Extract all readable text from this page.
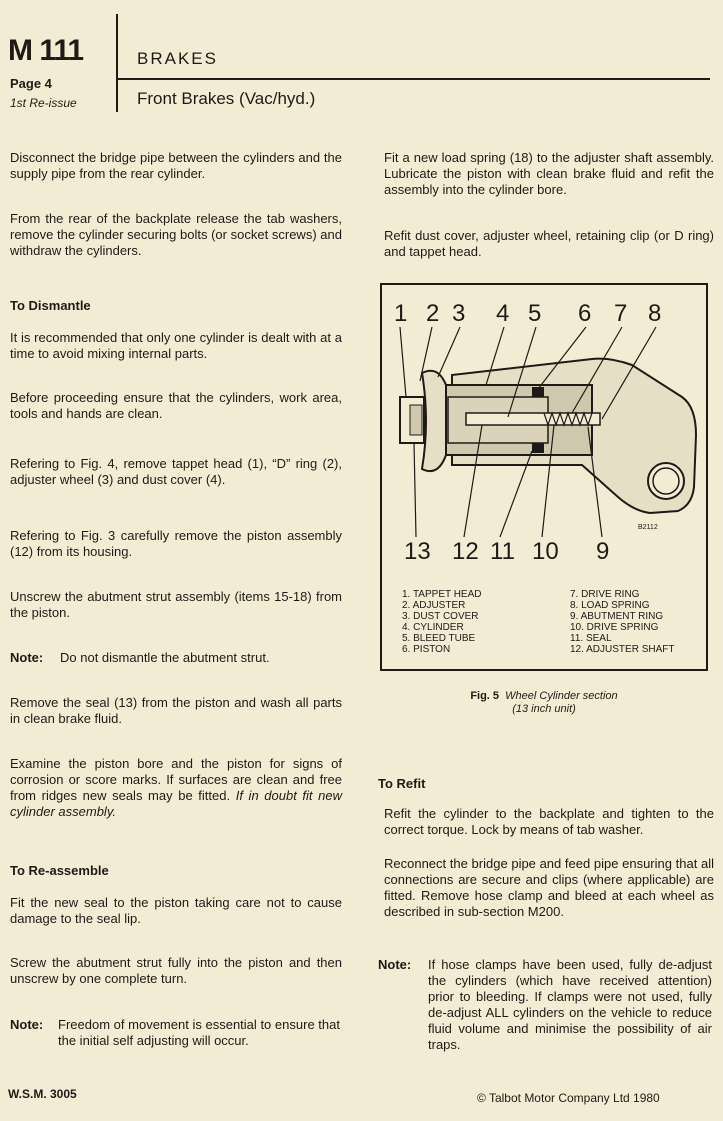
M 111
Page 4
1st Re-issue
BRAKES
Front Brakes (Vac/hyd.)
Disconnect the bridge pipe between the cylinders and the supply pipe from the rear cylinder.
From the rear of the backplate release the tab washers, remove the cylinder securing bolts (or socket screws) and withdraw the cylinders.
To Dismantle
It is recommended that only one cylinder is dealt with at a time to avoid mixing internal parts.
Before proceeding ensure that the cylinders, work area, tools and hands are clean.
Refering to Fig. 4, remove tappet head (1), “D” ring (2), adjuster wheel (3) and dust cover (4).
Refering to Fig. 3 carefully remove the piston assembly (12) from its housing.
Unscrew the abutment strut assembly (items 15-18) from the piston.
Note: Do not dismantle the abutment strut.
Remove the seal (13) from the piston and wash all parts in clean brake fluid.
Examine the piston bore and the piston for signs of corrosion or score marks. If surfaces are clean and free from ridges new seals may be fitted. If in doubt fit new cylinder assembly.
To Re-assemble
Fit the new seal to the piston taking care not to cause damage to the seal lip.
Screw the abutment strut fully into the piston and then unscrew by one complete turn.
Note: Freedom of movement is essential to ensure that the initial self adjusting will occur.
Fit a new load spring (18) to the adjuster shaft assembly. Lubricate the piston with clean brake fluid and refit the assembly into the cylinder bore.
Refit dust cover, adjuster wheel, retaining clip (or D ring) and tappet head.
1 2 3 4 5 6 7 8
13 12 11 10 9
B2112
1. TAPPET HEAD
2. ADJUSTER
3. DUST COVER
4. CYLINDER
5. BLEED TUBE
6. PISTON
7. DRIVE RING
8. LOAD SPRING
9. ABUTMENT RING
10. DRIVE SPRING
11. SEAL
12. ADJUSTER SHAFT
Fig. 5 Wheel Cylinder section
(13 inch unit)
To Refit
Refit the cylinder to the backplate and tighten to the correct torque. Lock by means of tab washer.
Reconnect the bridge pipe and feed pipe ensuring that all connections are secure and clips (where applicable) are fitted. Remove hose clamp and bleed at each wheel as described in sub-section M200.
Note: If hose clamps have been used, fully de-adjust the cylinders (which have received attention) prior to bleeding. If clamps were not used, fully de-adjust ALL cylinders on the vehicle to reduce fluid volume and minimise the possibility of air traps.
W.S.M. 3005	© Talbot Motor Company Ltd 1980
